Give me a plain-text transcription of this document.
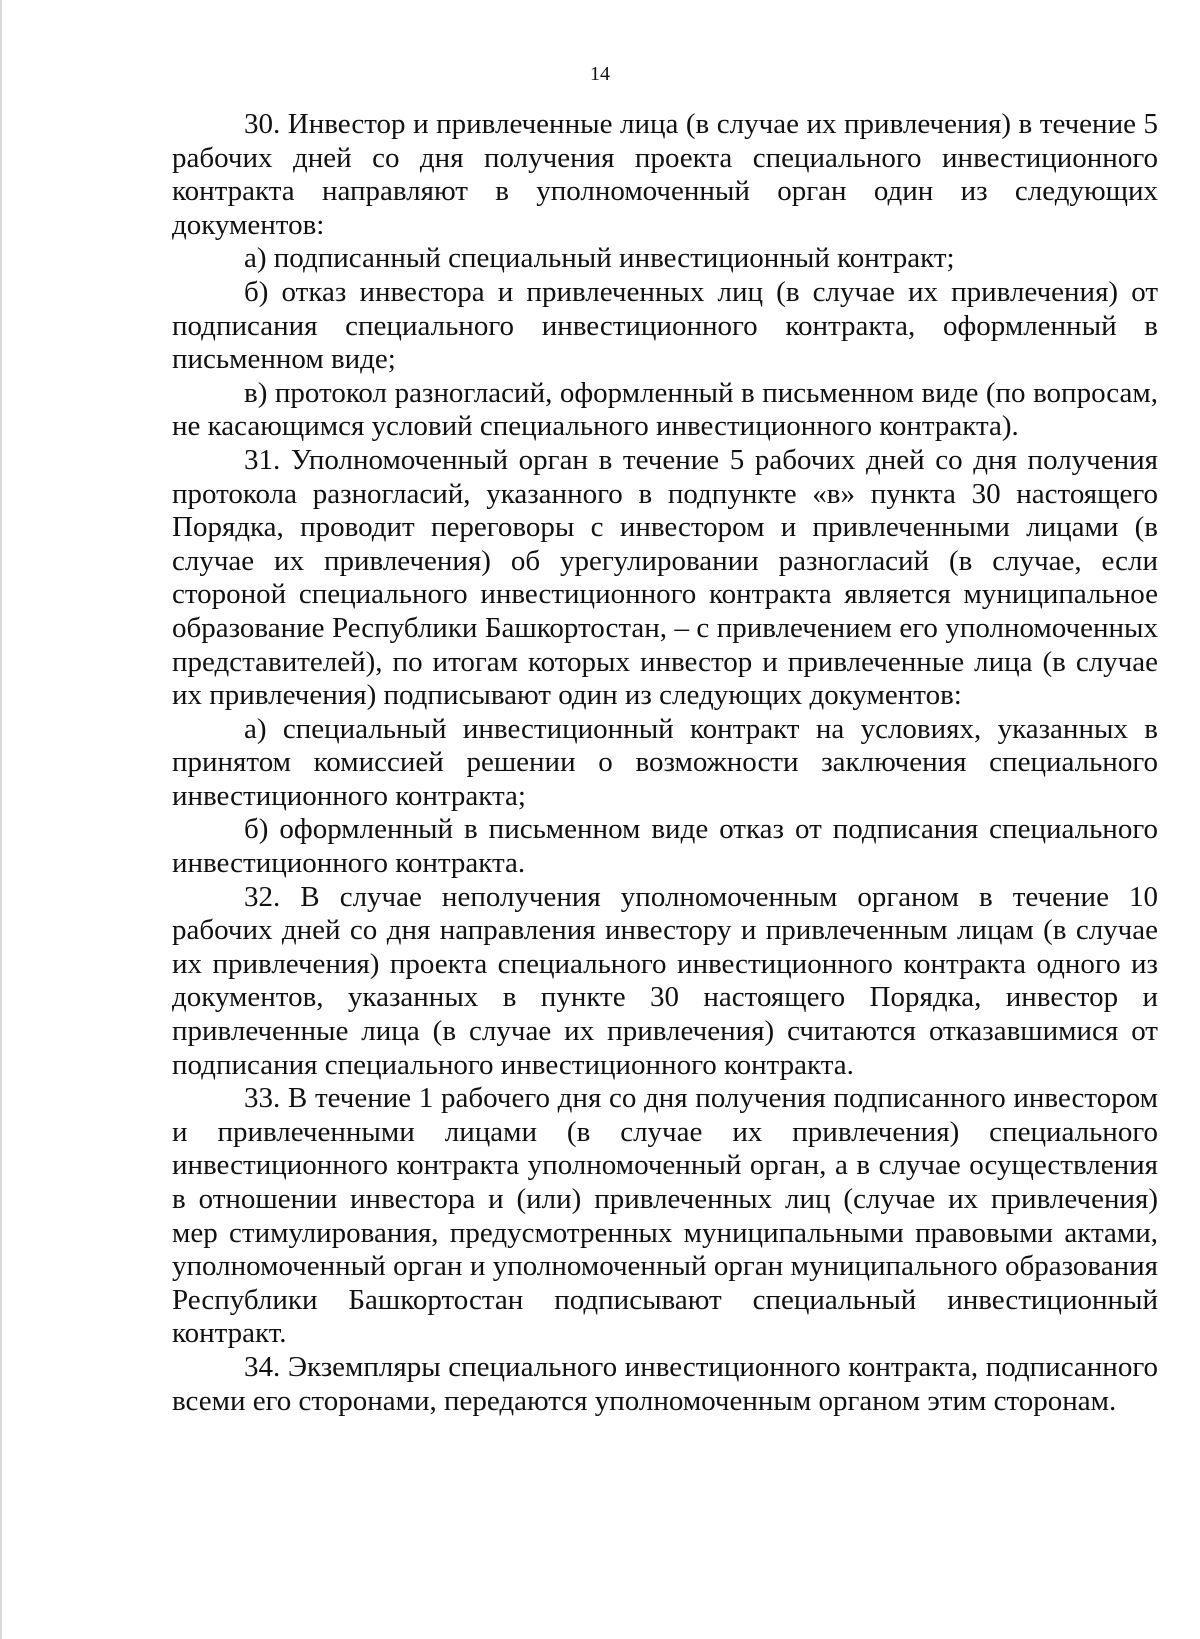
14

30. Инвестор и привлеченные лица (в случае их привлечения) в течение 5 рабочих дней со дня получения проекта специального инвестиционного контракта направляют в уполномоченный орган один из следующих документов:

а) подписанный специальный инвестиционный контракт;

б) отказ инвестора и привлеченных лиц (в случае их привлечения) от подписания специального инвестиционного контракта, оформленный в письменном виде;

в) протокол разногласий, оформленный в письменном виде (по вопросам, не касающимся условий специального инвестиционного контракта).

31. Уполномоченный орган в течение 5 рабочих дней со дня получения протокола разногласий, указанного в подпункте «в» пункта 30 настоящего Порядка, проводит переговоры с инвестором и привлеченными лицами (в случае их привлечения) об урегулировании разногласий (в случае, если стороной специального инвестиционного контракта является муниципальное образование Республики Башкортостан, – с привлечением его уполномоченных представителей), по итогам которых инвестор и привлеченные лица (в случае их привлечения) подписывают один из следующих документов:

а) специальный инвестиционный контракт на условиях, указанных в принятом комиссией решении о возможности заключения специального инвестиционного контракта;

б) оформленный в письменном виде отказ от подписания специального инвестиционного контракта.

32. В случае неполучения уполномоченным органом в течение 10 рабочих дней со дня направления инвестору и привлеченным лицам (в случае их привлечения) проекта специального инвестиционного контракта одного из документов, указанных в пункте 30 настоящего Порядка, инвестор и привлеченные лица (в случае их привлечения) считаются отказавшимися от подписания специального инвестиционного контракта.

33. В течение 1 рабочего дня со дня получения подписанного инвестором и привлеченными лицами (в случае их привлечения) специального инвестиционного контракта уполномоченный орган, а в случае осуществления в отношении инвестора и (или) привлеченных лиц (случае их привлечения) мер стимулирования, предусмотренных муниципальными правовыми актами, уполномоченный орган и уполномоченный орган муниципального образования Республики Башкортостан подписывают специальный инвестиционный контракт.

34. Экземпляры специального инвестиционного контракта, подписанного всеми его сторонами, передаются уполномоченным органом этим сторонам.
